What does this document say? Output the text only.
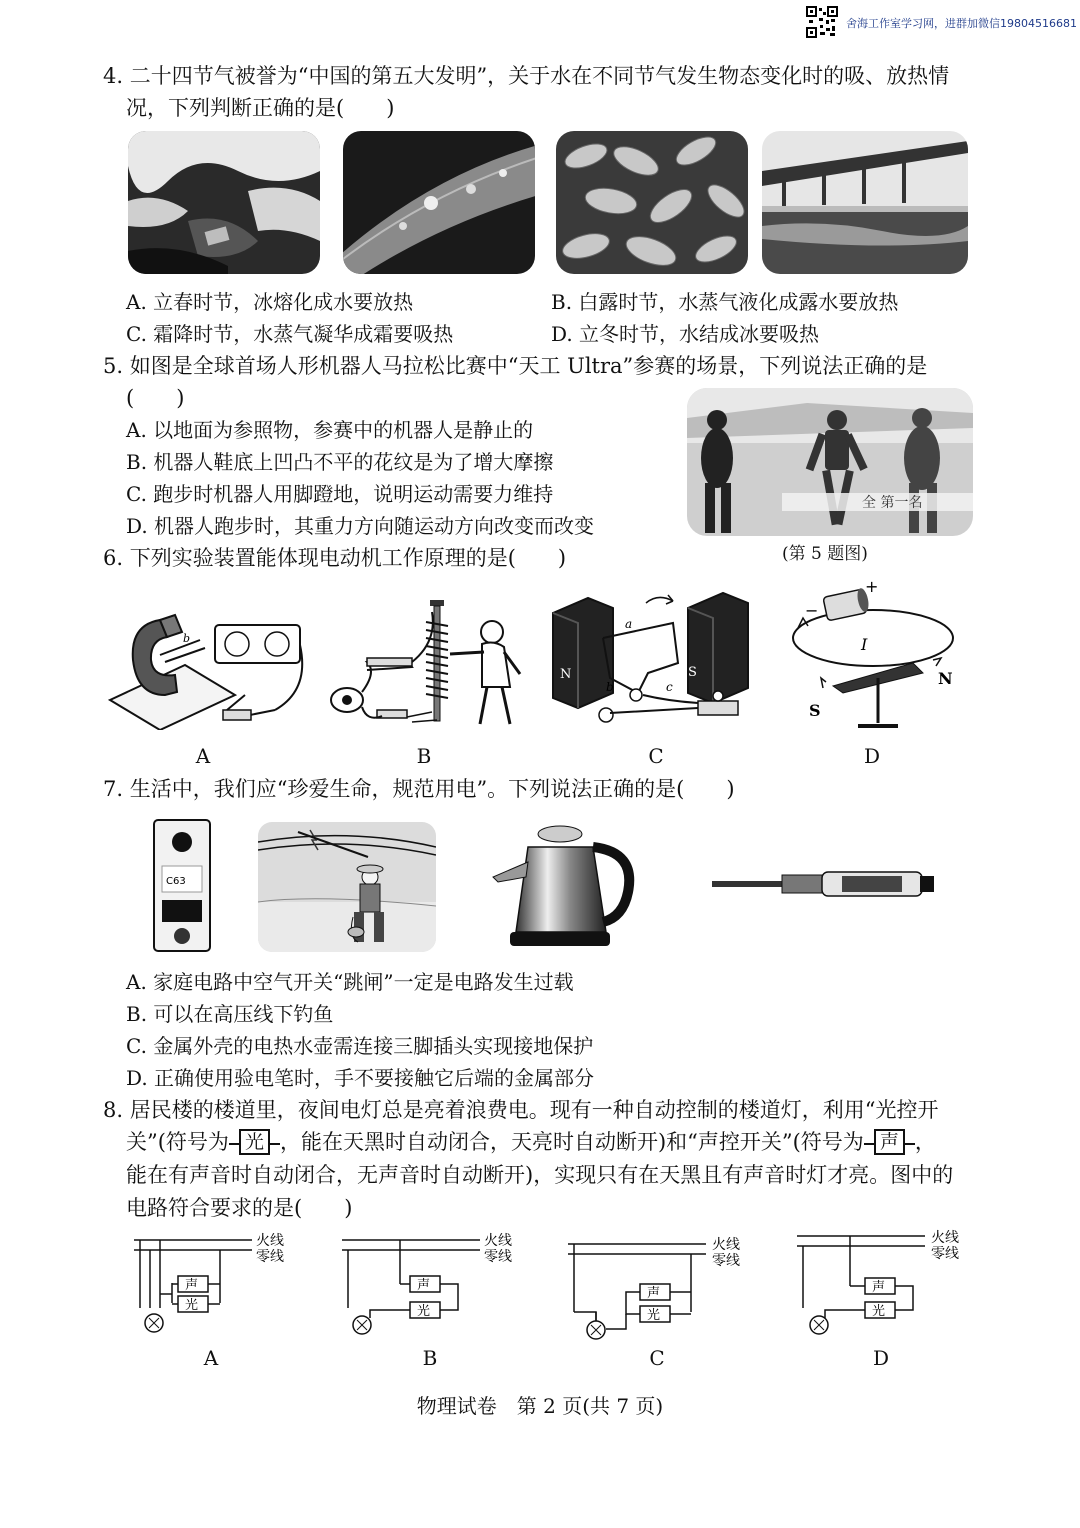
舍海工作室学习网，进群加微信19804516681
4. 二十四节气被誉为“中国的第五大发明”，关于水在不同节气发生物态变化时的吸、放热情
况，下列判断正确的是(　　)
A. 立春时节，冰熔化成水要放热	B. 白露时节，水蒸气液化成露水要放热
C. 霜降时节，水蒸气凝华成霜要吸热	D. 立冬时节，水结成冰要吸热
5. 如图是全球首场人形机器人马拉松比赛中“天工 Ultra”参赛的场景，下列说法正确的是
(　　)
A. 以地面为参照物，参赛中的机器人是静止的
B. 机器人鞋底上凹凸不平的花纹是为了增大摩擦
C. 跑步时机器人用脚蹬地，说明运动需要力维持
D. 机器人跑步时，其重力方向随运动方向改变而改变
全 第一名
(第 5 题图)
6. 下列实验装置能体现电动机工作原理的是(　　)
b
N	S
a
b	c
+
−
I
S
N
A	B	C	D
7. 生活中，我们应“珍爱生命，规范用电”。下列说法正确的是(　　)
C63
A. 家庭电路中空气开关“跳闸”一定是电路发生过载
B. 可以在高压线下钓鱼
C. 金属外壳的电热水壶需连接三脚插头实现接地保护
D. 正确使用验电笔时，手不要接触它后端的金属部分
8. 居民楼的楼道里，夜间电灯总是亮着浪费电。现有一种自动控制的楼道灯，利用“光控开
关”(符号为 光 ，能在天黑时自动闭合，天亮时自动断开)和“声控开关”(符号为 声 ，
能在有声音时自动闭合，无声音时自动断开)，实现只有在天黑且有声音时灯才亮。图中的
电路符合要求的是(　　)
火线
零线
声
光
火线
零线
声
光
火线
零线
声
光
火线
零线
声
光
A	B	C	D
物理试卷　第 2 页(共 7 页)
